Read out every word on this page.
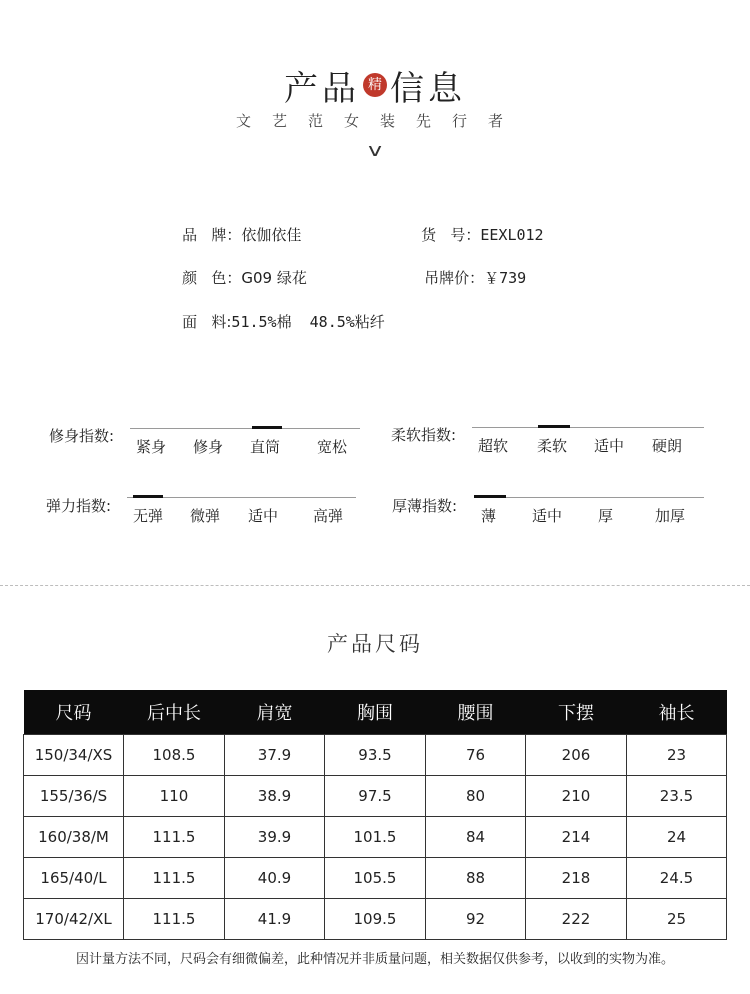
产品 精 信息
文艺范女装先行者
v

品   牌：依伽依佳	货   号：EEXL012

颜   色：G09 绿花	吊牌价：￥739

面   料:51.5%棉  48.5%粘纤

修身指数:
紧身 修身 直筒 宽松
柔软指数:
超软 柔软 适中 硬朗
弹力指数:
无弹 微弹 适中 高弹
厚薄指数:
薄 适中 厚	加厚
产品尺码
尺码	后中长	肩宽	胸围	腰围	下摆	袖长
150/34/XS	108.5	37.9	93.5	76	206	23
155/36/S	110	38.9	97.5	80	210	23.5
160/38/M	111.5	39.9	101.5	84	214	24
165/40/L	111.5	40.9	105.5	88	218	24.5
170/42/XL	111.5	41.9	109.5	92	222	25
因计量方法不同，尺码会有细微偏差，此种情况并非质量问题，相关数据仅供参考，以收到的实物为准。
